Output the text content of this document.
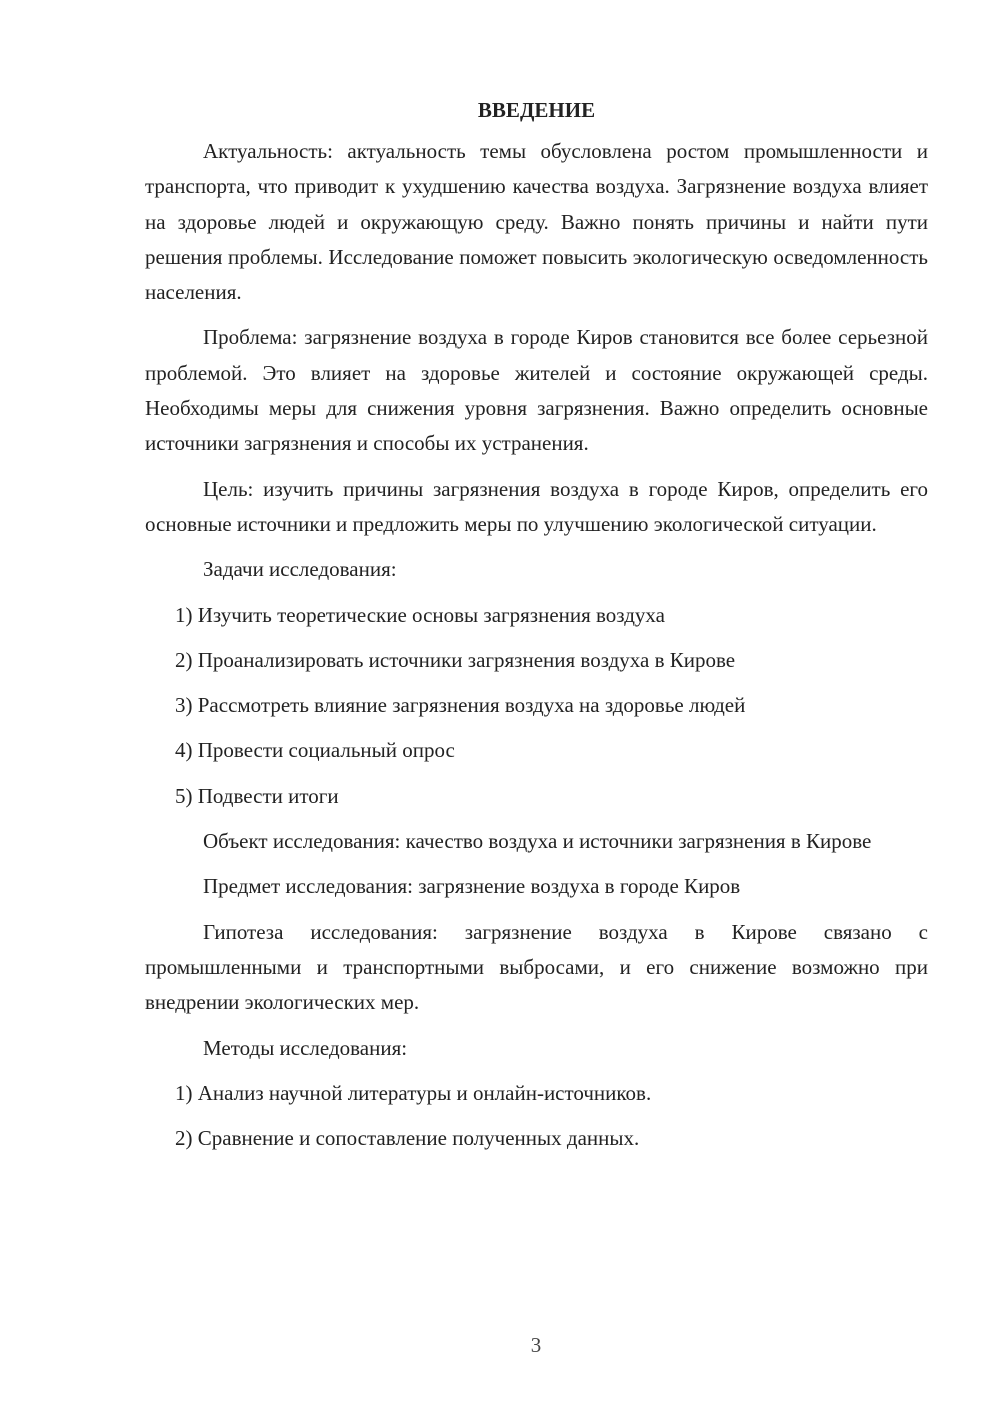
ВВЕДЕНИЕ
Актуальность: актуальность темы обусловлена ростом промышленности и транспорта, что приводит к ухудшению качества воздуха. Загрязнение воздуха влияет на здоровье людей и окружающую среду. Важно понять причины и найти пути решения проблемы. Исследование поможет повысить экологическую осведомленность населения.
Проблема: загрязнение воздуха в городе Киров становится все более серьезной проблемой. Это влияет на здоровье жителей и состояние окружающей среды. Необходимы меры для снижения уровня загрязнения. Важно определить основные источники загрязнения и способы их устранения.
Цель: изучить причины загрязнения воздуха в городе Киров, определить его основные источники и предложить меры по улучшению экологической ситуации.
Задачи исследования:
1) Изучить теоретические основы загрязнения воздуха
2) Проанализировать источники загрязнения воздуха в Кирове
3) Рассмотреть влияние загрязнения воздуха на здоровье людей
4) Провести социальный опрос
5) Подвести итоги
Объект исследования: качество воздуха и источники загрязнения в Кирове
Предмет исследования: загрязнение воздуха в городе Киров
Гипотеза исследования: загрязнение воздуха в Кирове связано с промышленными и транспортными выбросами, и его снижение возможно при внедрении экологических мер.
Методы исследования:
1) Анализ научной литературы и онлайн-источников.
2) Сравнение и сопоставление полученных данных.
3
